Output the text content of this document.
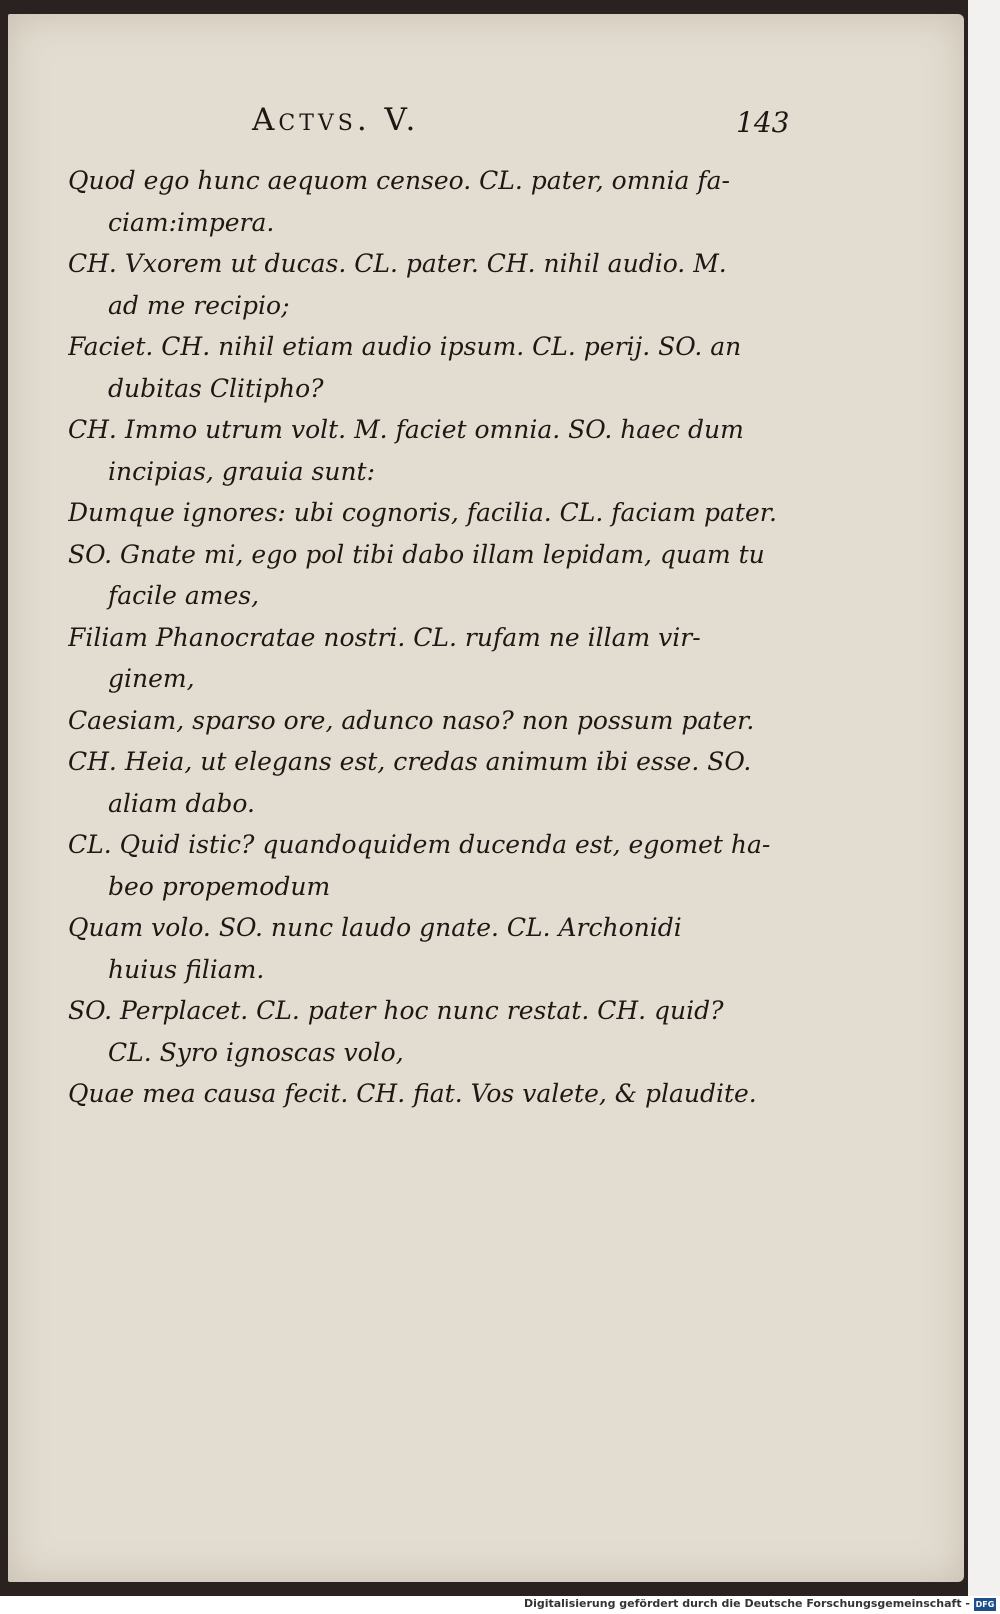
Actvs. V.	143
Quod ego hunc aequom censeo. CL. pater, omnia fa-
ciam:impera.
CH. Vxorem ut ducas. CL. pater. CH. nihil audio. M.
ad me recipio;
Faciet. CH. nihil etiam audio ipsum. CL. perij. SO. an
dubitas Clitipho?
CH. Immo utrum volt. M. faciet omnia. SO. haec dum
incipias, grauia sunt:
Dumque ignores: ubi cognoris, facilia. CL. faciam pater.
SO. Gnate mi, ego pol tibi dabo illam lepidam, quam tu
facile ames,
Filiam Phanocratae nostri. CL. rufam ne illam vir-
ginem,
Caesiam, sparso ore, adunco naso? non possum pater.
CH. Heia, ut elegans est, credas animum ibi esse. SO.
aliam dabo.
CL. Quid istic? quandoquidem ducenda est, egomet ha-
beo propemodum
Quam volo. SO. nunc laudo gnate. CL. Archonidi
huius filiam.
SO. Perplacet. CL. pater hoc nunc restat. CH. quid?
CL. Syro ignoscas volo,
Quae mea causa fecit. CH. fiat. Vos valete, & plaudite.
Digitalisierung gefördert durch die Deutsche Forschungsgemeinschaft - DFG
